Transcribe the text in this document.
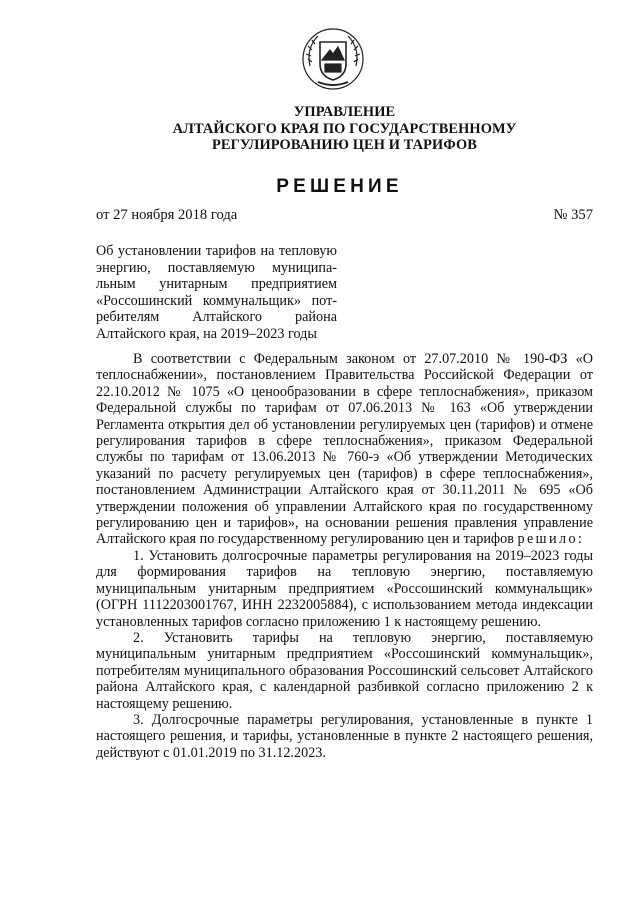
УПРАВЛЕНИЕ
АЛТАЙСКОГО КРАЯ ПО ГОСУДАРСТВЕННОМУ
РЕГУЛИРОВАНИЮ ЦЕН И ТАРИФОВ
РЕШЕНИЕ
от 27 ноября 2018 года	№ 357
Об установлении тарифов на тепловую
энергию, поставляемую муниципа-
льным унитарным предприятием
«Россошинский коммунальщик» пот-
ребителям Алтайского района
Алтайского края, на 2019–2023 годы

В соответствии с Федеральным законом от 27.07.2010 № 190-ФЗ «О теплоснабжении», постановлением Правительства Российской Федерации от 22.10.2012 № 1075 «О ценообразовании в сфере теплоснабжения», приказом Федеральной службы по тарифам от 07.06.2013 № 163 «Об утверждении Регламента открытия дел об установлении регулируемых цен (тарифов) и отмене регулирования тарифов в сфере теплоснабжения», приказом Федеральной службы по тарифам от 13.06.2013 № 760-э «Об утверждении Методических указаний по расчету регулируемых цен (тарифов) в сфере теплоснабжения», постановлением Администрации Алтайского края от 30.11.2011 № 695 «Об утверждении положения об управлении Алтайского края по государственному регулированию цен и тарифов», на основании решения правления управление Алтайского края по государственному регулированию цен и тарифов решило:

1. Установить долгосрочные параметры регулирования на 2019–2023 годы для формирования тарифов на тепловую энергию, поставляемую муниципальным унитарным предприятием «Россошинский коммунальщик» (ОГРН 1112203001767, ИНН 2232005884), с использованием метода индексации установленных тарифов согласно приложению 1 к настоящему решению.

2. Установить тарифы на тепловую энергию, поставляемую муниципальным унитарным предприятием «Россошинский коммунальщик», потребителям муниципального образования Россошинский сельсовет Алтайского района Алтайского края, с календарной разбивкой согласно приложению 2 к настоящему решению.

3. Долгосрочные параметры регулирования, установленные в пункте 1 настоящего решения, и тарифы, установленные в пункте 2 настоящего решения, действуют с 01.01.2019 по 31.12.2023.
